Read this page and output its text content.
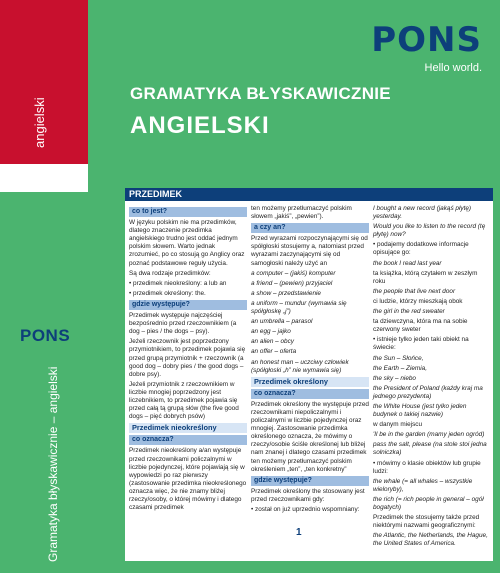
angielski
PONS
Gramatyka błyskawicznie – angielski
PONS
Hello world.
GRAMATYKA BŁYSKAWICZNIE
ANGIELSKI
PRZEDIMEK
co to jest?
W języku polskim nie ma przedimków, dlatego znaczenie przedimka angielskiego trudno jest oddać jednym polskim słowem. Warto jednak zrozumieć, po co stosują go Anglicy oraz poznać podstawowe reguły użycia.
Są dwa rodzaje przedimków:
• przedimek nieokreślony: a lub an
• przedimek określony: the.
gdzie występuje?
Przedimek występuje najczęściej bezpośrednio przed rzeczownikiem (a dog – pies / the dogs – psy).
Jeżeli rzeczownik jest poprzedzony przymiotnikiem, to przedimek pojawia się przed grupą przymiotnik + rzeczownik (a good dog – dobry pies / the good dogs – dobre psy).
Jeżeli przymiotnik z rzeczownikiem w liczbie mnogiej poprzedzony jest liczebnikiem, to przedimek pojawia się przed całą tą grupą słów (the five good dogs – pięć dobrych psów)
Przedimek nieokreślony
co oznacza?
Przedimek nieokreślony a/an występuje przed rzeczownikami policzalnymi w liczbie pojedynczej, które pojawiają się w wypowiedzi po raz pierwszy (zastosowanie przedimka nieokreślonego oznacza więc, że nie znamy bliżej rzeczy/osoby, o której mówimy i dlatego czasami przedimek
ten możemy przetłumaczyć polskim słowem „jakiś”, „pewien”).
a czy an?
Przed wyrazami rozpoczynającymi się od spółgłoski stosujemy a, natomiast przed wyrazami zaczynającymi się od samogłoski należy użyć an
a computer – (jakiś) komputer
a friend – (pewien) przyjaciel
a show – przedstawienie
a uniform – mundur (wymawia się spółgłoskę „j”)
an umbrella – parasol
an egg – jajko
an alien – obcy
an offer – oferta
an honest man – uczciwy człowiek (spółgłoski „h” nie wymawia się)
Przedimek określony
co oznacza?
Przedimek określony the występuje przed rzeczownikami niepoliczalnymi i policzalnymi w liczbie pojedynczej oraz mnogiej. Zastosowanie przedimka określonego oznacza, że mówimy o rzeczy/osobie ściśle określonej lub bliżej nam znanej i dlatego czasami przedimek ten możemy przetłumaczyć polskim określeniem „ten”, „ten konkretny”
gdzie występuje?
Przedimek określony the stosowany jest przed rzeczownikami gdy:
• został on już uprzednio wspomniany:
I bought a new record (jakąś płytę) yesterday.
Would you like to listen to the record (tę płytę) now?
• podajemy dodatkowe informacje opisujące go:
the book I read last year
ta książka, którą czytałem w zeszłym roku
the people that live next door
ci ludzie, którzy mieszkają obok
the girl in the red sweater
ta dziewczyna, która ma na sobie czerwony sweter
• istnieje tylko jeden taki obiekt na świecie:
the Sun – Słońce,
the Earth – Ziemia,
the sky – niebo
the President of Poland (każdy kraj ma jednego prezydenta)
the White House (jest tylko jeden budynek o takiej nazwie)
w danym miejscu
'Il be in the garden (mamy jeden ogród)
pass the salt, please (na stole stoi jedna solniczka)
• mówimy o klasie obiektów lub grupie ludzi:
the whale (= all whales – wszystkie wieloryby),
the rich (= rich people in general – ogół bogatych)
Przedimek the stosujemy także przed niektórymi nazwami geograficznymi:
the Atlantic, the Netherlands, the Hague, the United States of America.
1
